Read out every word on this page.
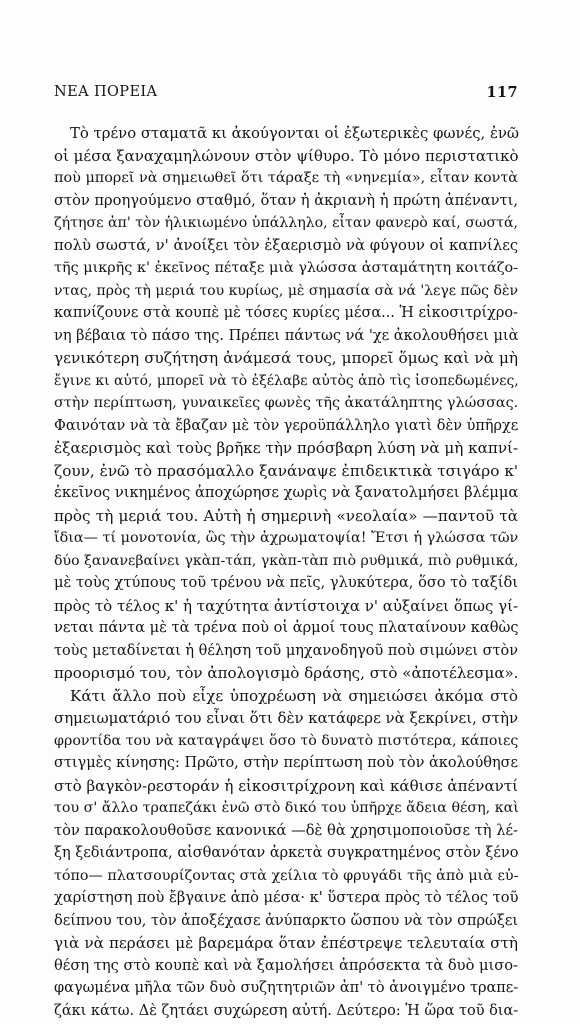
ΝΕΑ ΠΟΡΕΙΑ	117
Τὸ τρένο σταματᾶ κι ἀκούγονται οἱ ἐξωτερικὲς φωνές, ἐνῶ
οἱ μέσα ξαναχαμηλώνουν στὸν ψίθυρο. Τὸ μόνο περιστατικὸ
ποὺ μπορεῖ νὰ σημειωθεῖ ὅτι τάραξε τὴ «νηνεμία», εἶταν κοντὰ
στὸν προηγούμενο σταθμό, ὅταν ἡ ἀκριανὴ ἡ πρώτη ἀπέναντι,
ζήτησε ἀπ' τὸν ἡλικιωμένο ὑπάλληλο, εἶταν φανερὸ καί, σωστά,
πολὺ σωστά, ν' ἀνοίξει τὸν ἐξαερισμὸ νὰ φύγουν οἱ καπνίλες
τῆς μικρῆς κ' ἐκεῖνος πέταξε μιὰ γλώσσα ἀσταμάτητη κοιτάζο-
ντας, πρὸς τὴ μεριά του κυρίως, μὲ σημασία σὰ νά 'λεγε πῶς δὲν
καπνίζουνε στὰ κουπὲ μὲ τόσες κυρίες μέσα... Ἡ εἰκοσιτρίχρο-
νη βέβαια τὸ πάσο της. Πρέπει πάντως νά 'χε ἀκολουθήσει μιὰ
γενικότερη συζήτηση ἀνάμεσά τους, μπορεῖ ὅμως καὶ νὰ μὴ
ἔγινε κι αὐτό, μπορεῖ νὰ τὸ ἐξέλαβε αὐτὸς ἀπὸ τὶς ἰσοπεδωμένες,
στὴν περίπτωση, γυναικεῖες φωνὲς τῆς ἀκατάληπτης γλώσσας.
Φαινόταν νὰ τὰ ἔβαζαν μὲ τὸν γεροϋπάλληλο γιατὶ δὲν ὑπῆρχε
ἐξαερισμὸς καὶ τοὺς βρῆκε τὴν πρόσβαρη λύση νὰ μὴ καπνί-
ζουν, ἐνῶ τὸ πρασόμαλλο ξανάναψε ἐπιδεικτικὰ τσιγάρο κ'
ἐκεῖνος νικημένος ἀποχώρησε χωρὶς νὰ ξανατολμήσει βλέμμα
πρὸς τὴ μεριά του. Αὐτὴ ἡ σημερινὴ «νεολαία» —παντοῦ τὰ
ἴδια— τί μονοτονία, ὣς τὴν ἀχρωματοψία! Ἔτσι ἡ γλώσσα τῶν
δύο ξανανεβαίνει γκὰπ-τάπ, γκὰπ-τὰπ πιὸ ρυθμικά, πιὸ ρυθμικά,
μὲ τοὺς χτύπους τοῦ τρένου νὰ πεῖς, γλυκύτερα, ὅσο τὸ ταξίδι
πρὸς τὸ τέλος κ' ἡ ταχύτητα ἀντίστοιχα ν' αὐξαίνει ὅπως γί-
νεται πάντα μὲ τὰ τρένα ποὺ οἱ ἁρμοί τους πλαταίνουν καθὼς
τοὺς μεταδίνεται ἡ θέληση τοῦ μηχανοδηγοῦ ποὺ σιμώνει στὸν
προορισμό του, τὸν ἀπολογισμὸ δράσης, στὸ «ἀποτέλεσμα».
Κάτι ἄλλο ποὺ εἶχε ὑποχρέωση νὰ σημειώσει ἀκόμα στὸ
σημειωματάριό του εἶναι ὅτι δὲν κατάφερε νὰ ξεκρίνει, στὴν
φροντίδα του νὰ καταγράψει ὅσο τὸ δυνατὸ πιστότερα, κάποιες
στιγμὲς κίνησης: Πρῶτο, στὴν περίπτωση ποὺ τὸν ἀκολούθησε
στὸ βαγκὸν-ρεστοράν ἡ εἰκοσιτρίχρονη καὶ κάθισε ἀπέναντί
του σ' ἄλλο τραπεζάκι ἐνῶ στὸ δικό του ὑπῆρχε ἄδεια θέση, καὶ
τὸν παρακολουθοῦσε κανονικά —δὲ θὰ χρησιμοποιοῦσε τὴ λέ-
ξη ξεδιάντροπα, αἰσθανόταν ἀρκετὰ συγκρατημένος στὸν ξένο
τόπο— πλατσουρίζοντας στὰ χείλια τὸ φρυγάδι τῆς ἀπὸ μιὰ εὐ-
χαρίστηση ποὺ ἔβγαινε ἀπὸ μέσα· κ' ὕστερα πρὸς τὸ τέλος τοῦ
δείπνου του, τὸν ἀποξέχασε ἀνύπαρκτο ὥσπου νὰ τὸν σπρώξει
γιὰ νὰ περάσει μὲ βαρεμάρα ὅταν ἐπέστρεψε τελευταία στὴ
θέση της στὸ κουπὲ καὶ νὰ ξαμολήσει ἀπρόσεκτα τὰ δυὸ μισο-
φαγωμένα μῆλα τῶν δυὸ συζητητριῶν ἀπ' τὸ ἀνοιγμένο τραπε-
ζάκι κάτω. Δὲ ζητάει συχώρεση αὐτή. Δεύτερο: Ἡ ὥρα τοῦ δια-
